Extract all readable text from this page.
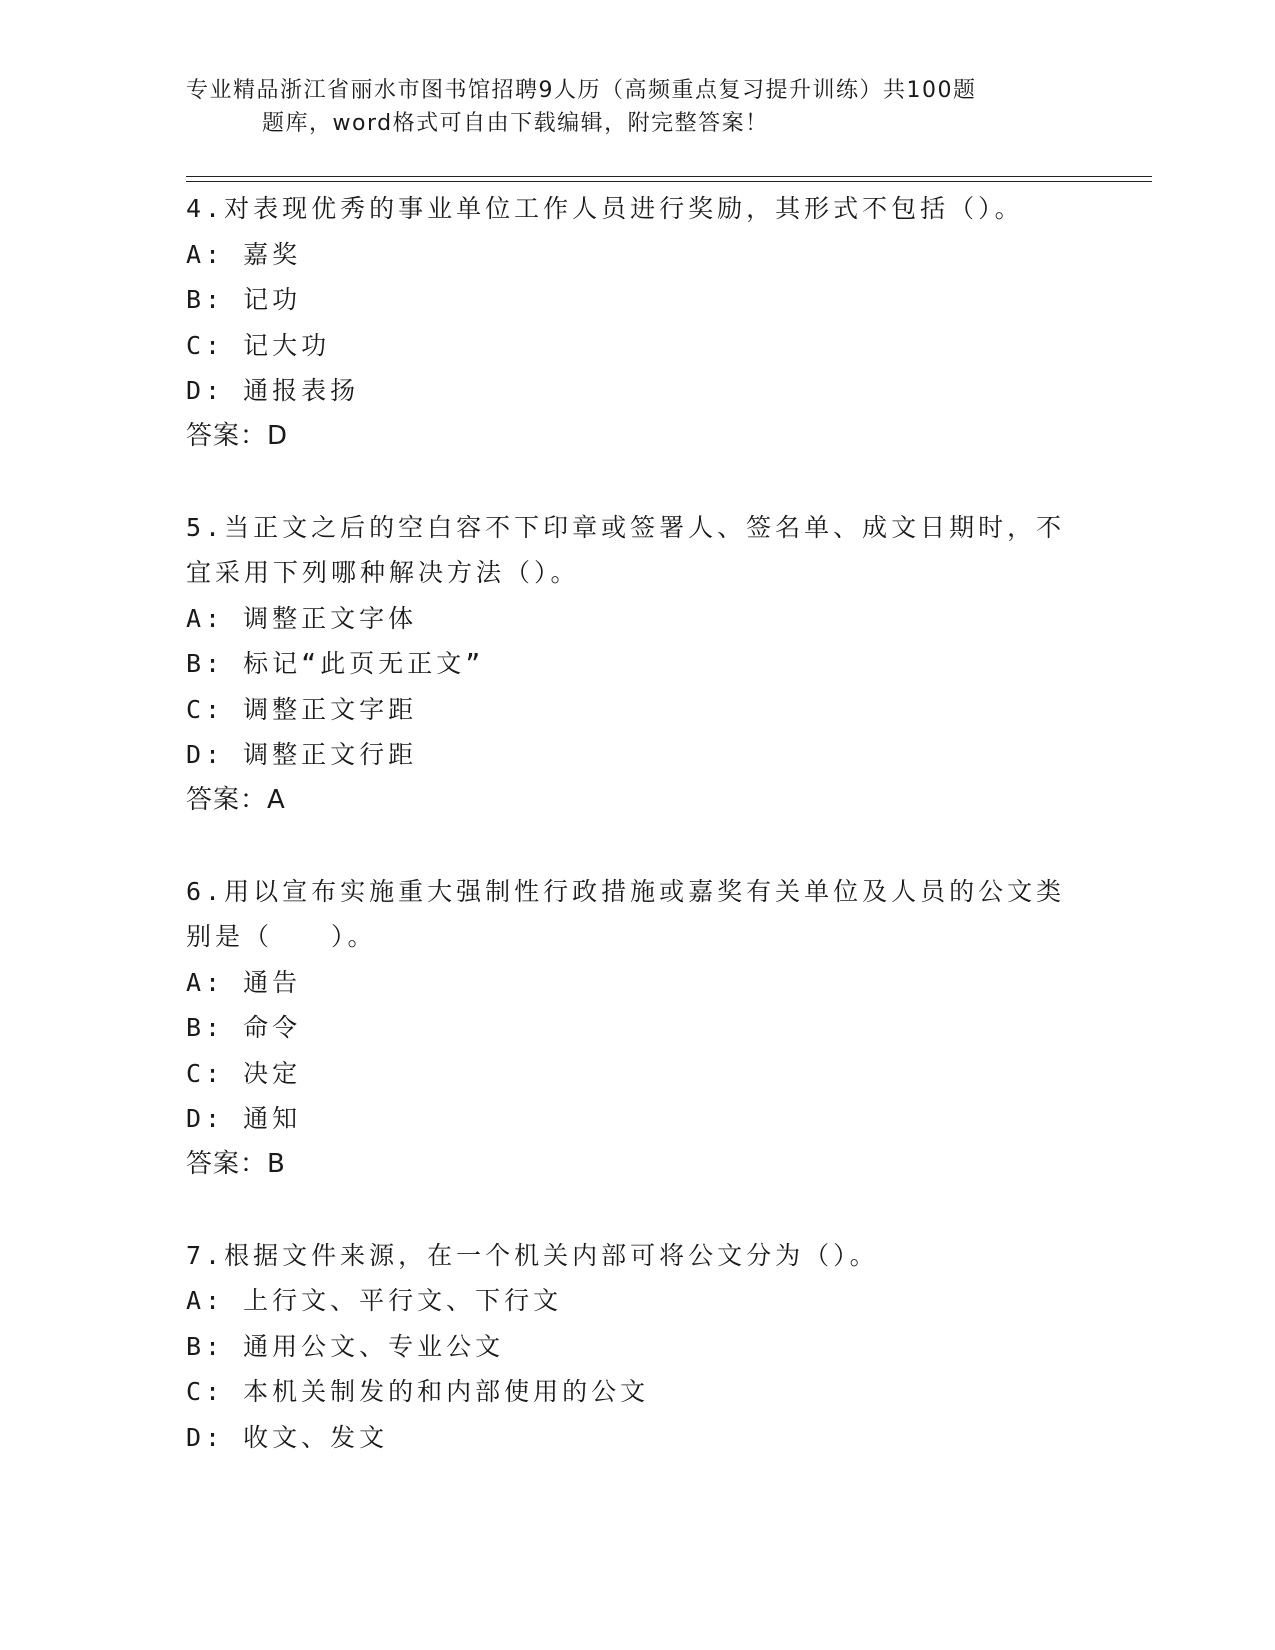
专业精品浙江省丽水市图书馆招聘9人历（高频重点复习提升训练）共100题
题库，word格式可自由下载编辑，附完整答案！
4.对表现优秀的事业单位工作人员进行奖励，其形式不包括（）。
A: 嘉奖
B: 记功
C: 记大功
D: 通报表扬
答案：D
5.当正文之后的空白容不下印章或签署人、签名单、成文日期时，不
宜采用下列哪种解决方法（）。
A: 调整正文字体
B: 标记“此页无正文”
C: 调整正文字距
D: 调整正文行距
答案：A
6.用以宣布实施重大强制性行政措施或嘉奖有关单位及人员的公文类
别是（　　）。
A: 通告
B: 命令
C: 决定
D: 通知
答案：B
7.根据文件来源，在一个机关内部可将公文分为（）。
A: 上行文、平行文、下行文
B: 通用公文、专业公文
C: 本机关制发的和内部使用的公文
D: 收文、发文
